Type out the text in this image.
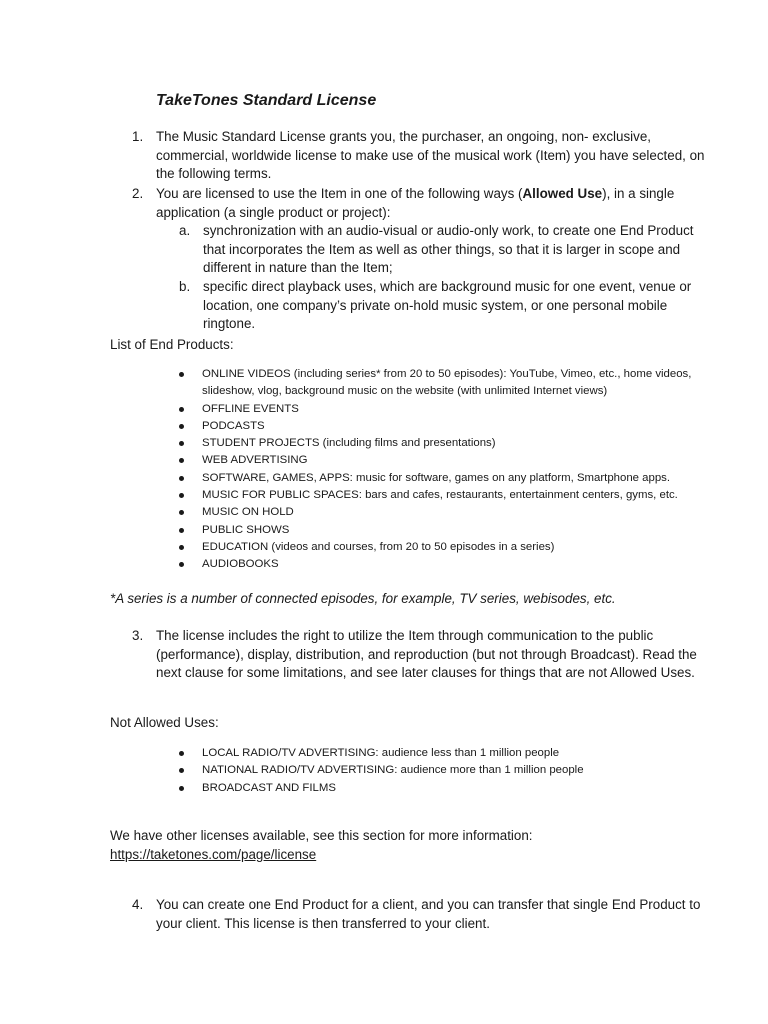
TakeTones Standard License
1. The Music Standard License grants you, the purchaser, an ongoing, non- exclusive, commercial, worldwide license to make use of the musical work (Item) you have selected, on the following terms.
2. You are licensed to use the Item in one of the following ways (Allowed Use), in a single application (a single product or project):
a. synchronization with an audio-visual or audio-only work, to create one End Product that incorporates the Item as well as other things, so that it is larger in scope and different in nature than the Item;
b. specific direct playback uses, which are background music for one event, venue or location, one company’s private on-hold music system, or one personal mobile ringtone.
List of End Products:
ONLINE VIDEOS (including series* from 20 to 50 episodes): YouTube, Vimeo, etc., home videos, slideshow, vlog, background music on the website (with unlimited Internet views)
OFFLINE EVENTS
PODCASTS
STUDENT PROJECTS (including films and presentations)
WEB ADVERTISING
SOFTWARE, GAMES, APPS: music for software, games on any platform, Smartphone apps.
MUSIC FOR PUBLIC SPACES: bars and cafes, restaurants, entertainment centers, gyms, etc.
MUSIC ON HOLD
PUBLIC SHOWS
EDUCATION (videos and courses, from 20 to 50 episodes in a series)
AUDIOBOOKS
*A series is a number of connected episodes, for example, TV series, webisodes, etc.
3. The license includes the right to utilize the Item through communication to the public (performance), display, distribution, and reproduction (but not through Broadcast). Read the next clause for some limitations, and see later clauses for things that are not Allowed Uses.
Not Allowed Uses:
LOCAL RADIO/TV ADVERTISING: audience less than 1 million people
NATIONAL RADIO/TV ADVERTISING: audience more than 1 million people
BROADCAST AND FILMS
We have other licenses available, see this section for more information:
https://taketones.com/page/license
4. You can create one End Product for a client, and you can transfer that single End Product to your client. This license is then transferred to your client.
